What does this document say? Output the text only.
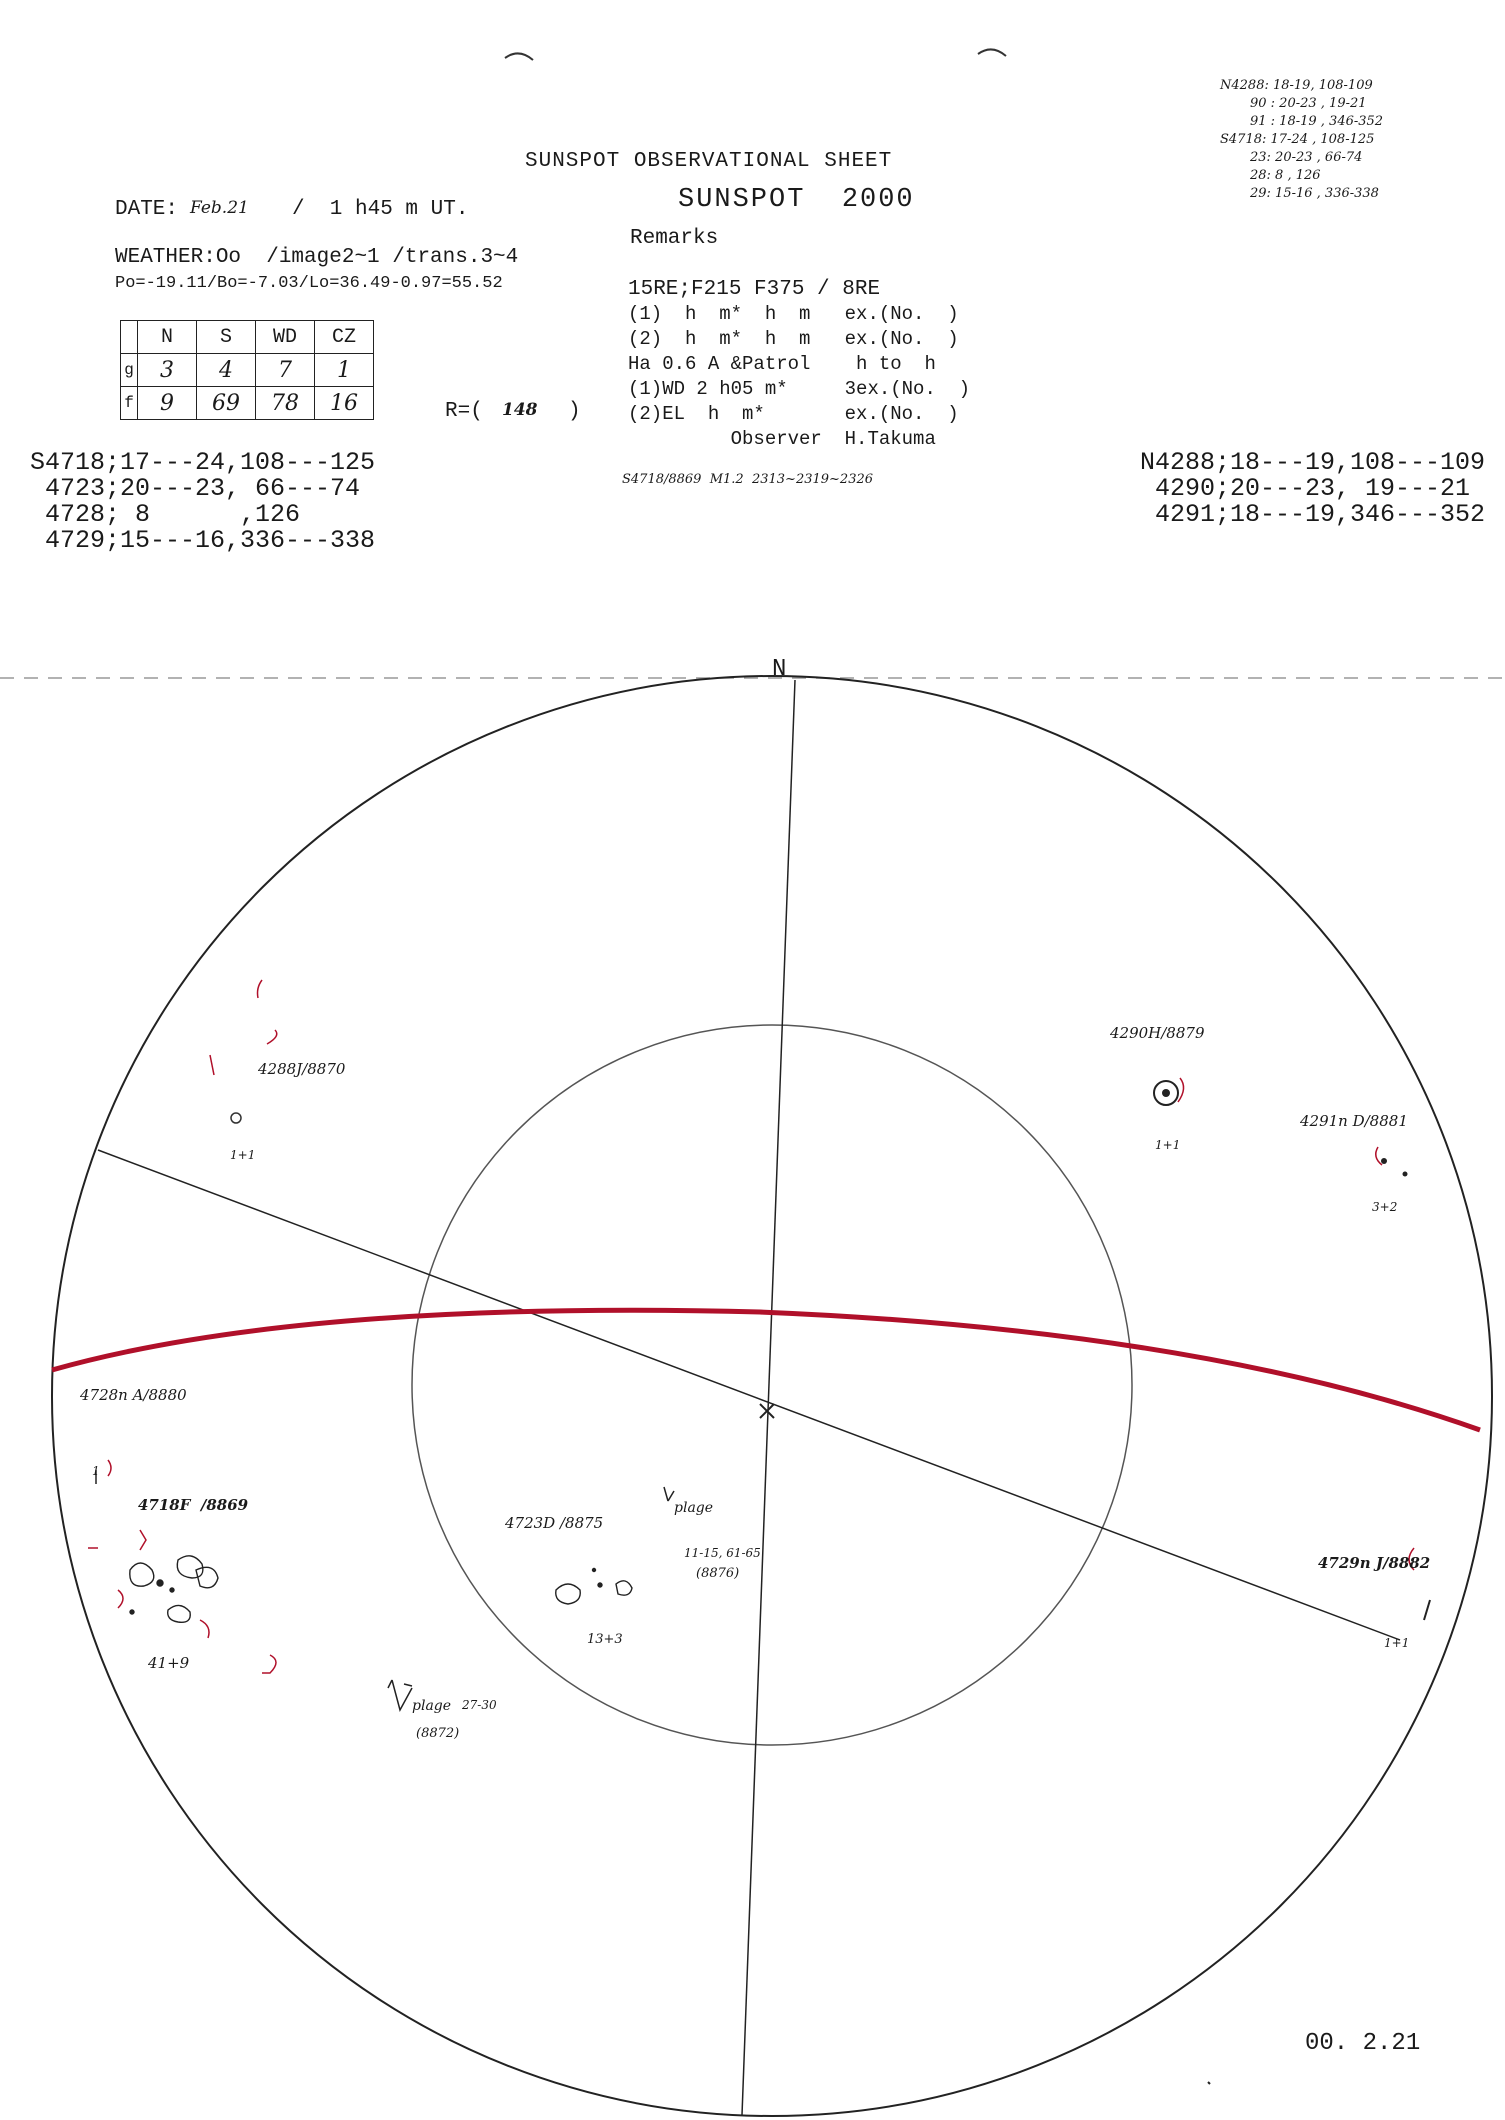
SUNSPOT OBSERVATIONAL SHEET
SUNSPOT  2000
Remarks
DATE: Feb.21 /  1 h45 m UT.
WEATHER:Oo  /image2~1 /trans.3~4
Po=-19.11/Bo=-7.03/Lo=36.49-0.97=55.52
	N	S	WD	CZ
g	3	4	7	1
f	9	69	78	16	R=( 148 )
15RE;F215 F375 / 8RE
(1)  h  m*  h  m   ex.(No.  )
(2)  h  m*  h  m   ex.(No.  )
Ha 0.6 A &Patrol    h to  h
(1)WD 2 h05 m*     3ex.(No.  )
(2)EL  h  m*       ex.(No.  )
Observer  H.Takuma
S4718/8869  M1.2  2313~2319~2326
N4288: 18-19, 108-109
90 : 20-23 , 19-21
91 : 18-19 , 346-352
S4718: 17-24 , 108-125
23: 20-23 , 66-74
28: 8 , 126
29: 15-16 , 336-338
S4718;17---24,108---125
4723;20---23, 66---74
4728; 8      ,126
4729;15---16,336---338
N4288;18---19,108---109
4290;20---23, 19---21
4291;18---19,346---352
N
4288J/8870
1+1
4290H/8879
1+1
4291n D/8881
3+2
4728n A/8880
1
4718F  /8869
41+9
4723D /8875
13+3
4729n J/8882
1+1
plage
11-15, 61-65
(8876)
plage 27-30
(8872)
00. 2.21
